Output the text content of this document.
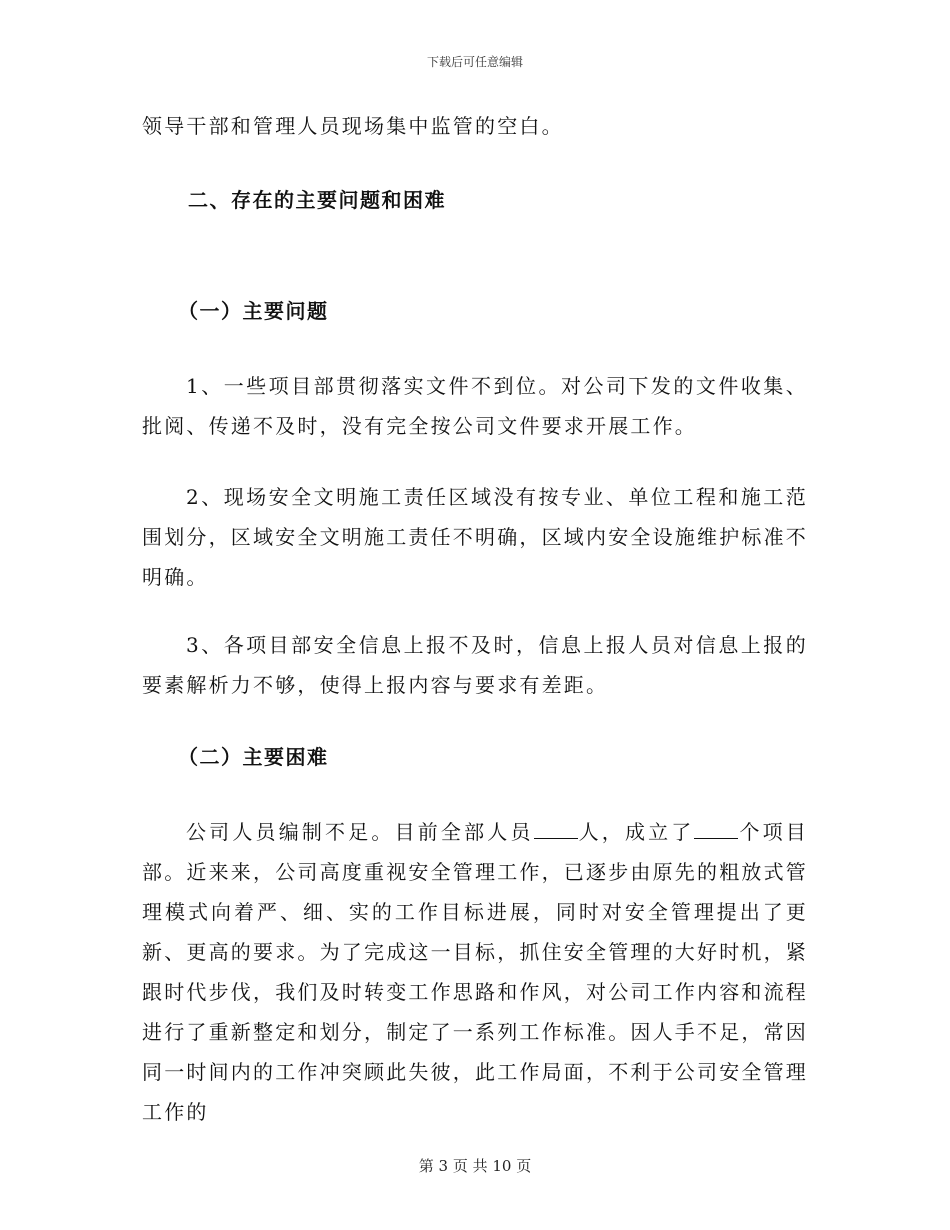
下载后可任意编辑

领导干部和管理人员现场集中监管的空白。

二、存在的主要问题和困难

（一）主要问题

1、一些项目部贯彻落实文件不到位。对公司下发的文件收集、批阅、传递不及时，没有完全按公司文件要求开展工作。

2、现场安全文明施工责任区域没有按专业、单位工程和施工范围划分，区域安全文明施工责任不明确，区域内安全设施维护标准不明确。

3、各项目部安全信息上报不及时，信息上报人员对信息上报的要素解析力不够，使得上报内容与要求有差距。

（二）主要困难

公司人员编制不足。目前全部人员 人，成立了 个项目部。近来来，公司高度重视安全管理工作，已逐步由原先的粗放式管理模式向着严、细、实的工作目标进展，同时对安全管理提出了更新、更高的要求。为了完成这一目标，抓住安全管理的大好时机，紧跟时代步伐，我们及时转变工作思路和作风，对公司工作内容和流程进行了重新整定和划分，制定了一系列工作标准。因人手不足，常因同一时间内的工作冲突顾此失彼，此工作局面，不利于公司安全管理工作的

第 3 页 共 10 页
